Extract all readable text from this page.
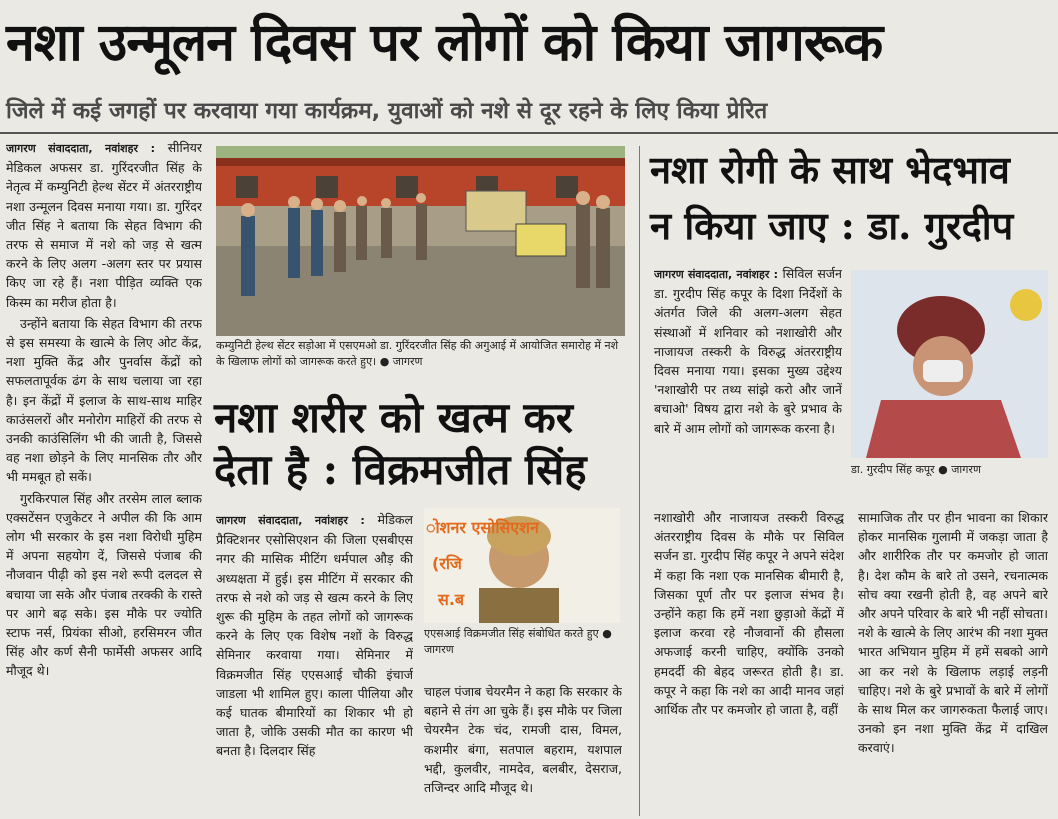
नशा उन्मूलन दिवस पर लोगों को किया जागरूक
जिले में कई जगहों पर करवाया गया कार्यक्रम, युवाओं को नशे से दूर रहने के लिए किया प्रेरित

जागरण संवाददाता, नवांशहर : सीनियर मेडिकल अफसर डा. गुरिंदरजीत सिंह के नेतृत्व में कम्युनिटी हेल्थ सेंटर में अंतरराष्ट्रीय नशा उन्मूलन दिवस मनाया गया। डा. गुरिंदर जीत सिंह ने बताया कि सेहत विभाग की तरफ से समाज में नशे को जड़ से खत्म करने के लिए अलग -अलग स्तर पर प्रयास किए जा रहे हैं। नशा पीड़ित व्यक्ति एक किस्म का मरीज होता है।

उन्होंने बताया कि सेहत विभाग की तरफ से इस समस्या के खात्मे के लिए ओट केंद्र, नशा मुक्ति केंद्र और पुनर्वास केंद्रों को सफलतापूर्वक ढंग के साथ चलाया जा रहा है। इन केंद्रों में इलाज के साथ-साथ माहिर काउंसलरों और मनोरोग माहिरों की तरफ से उनकी काउंसिलिंग भी की जाती है, जिससे वह नशा छोड़ने के लिए मानसिक तौर और भी ममबूत हो सकें।

गुरकिरपाल सिंह और तरसेम लाल ब्लाक एक्सटेंसन एजुकेटर ने अपील की कि आम लोग भी सरकार के इस नशा विरोधी मुहिम में अपना सहयोग दें, जिससे पंजाब की नौजवान पीढ़ी को इस नशे रूपी दलदल से बचाया जा सके और पंजाब तरक्की के रास्ते पर आगे बढ़ सके। इस मौके पर ज्योति स्टाफ नर्स, प्रियंका सीओ, हरसिमरन जीत सिंह और कर्ण सैनी फार्मेसी अफसर आदि मौजूद थे।

कम्युनिटी हेल्थ सेंटर सड़ोआ में एसएमओ डा. गुरिंदरजीत सिंह की अगुआई में आयोजित समारोह में नशे के खिलाफ लोगों को जागरूक करते हुए। ● जागरण
नशा शरीर को खत्म कर
देता है : विक्रमजीत सिंह
जागरण संवाददाता, नवांशहर : मेडिकल प्रैक्टिशनर एसोसिएशन की जिला एसबीएस नगर की मासिक मीटिंग धर्मपाल औड़ की अध्यक्षता में हुई। इस मीटिंग में सरकार की तरफ से नशे को जड़ से खत्म करने के लिए शुरू की मुहिम के तहत लोगों को जागरूक करने के लिए एक विशेष नशों के विरुद्ध सेमिनार करवाया गया। सेमिनार में विक्रमजीत सिंह एएसआई चौकी इंचार्ज जाडला भी शामिल हुए। काला पीलिया और कई घातक बीमारियों का शिकार भी हो जाता है, जोकि उसकी मौत का कारण भी बनता है। दिलदार सिंह
ोशनर एसोसिएशन
(रजि
स.ब
एएसआई विक्रमजीत सिंह संबोधित करते हुए ● जागरण
चाहल पंजाब चेयरमैन ने कहा कि सरकार के बहाने से तंग आ चुके हैं। इस मौके पर जिला चेयरमैन टेक चंद, रामजी दास, विमल, कशमीर बंगा, सतपाल बहराम, यशपाल भद्दी, कुलवीर, नामदेव, बलबीर, देसराज, तजिन्दर आदि मौजूद थे।
नशा रोगी के साथ भेदभाव
न किया जाए : डा. गुरदीप
जागरण संवाददाता, नवांशहर : सिविल सर्जन डा. गुरदीप सिंह कपूर के दिशा निर्देशों के अंतर्गत जिले की अलग-अलग सेहत संस्थाओं में शनिवार को नशाखोरी और नाजायज तस्करी के विरुद्ध अंतरराष्ट्रीय दिवस मनाया गया। इसका मुख्य उद्देश्य 'नशाखोरी पर तथ्य सांझे करो और जानें बचाओ' विषय द्वारा नशे के बुरे प्रभाव के बारे में आम लोगों को जागरूक करना है।
डा. गुरदीप सिंह कपूर ● जागरण
नशाखोरी और नाजायज तस्करी विरुद्ध अंतरराष्ट्रीय दिवस के मौके पर सिविल सर्जन डा. गुरदीप सिंह कपूर ने अपने संदेश में कहा कि नशा एक मानसिक बीमारी है, जिसका पूर्ण तौर पर इलाज संभव है। उन्होंने कहा कि हमें नशा छुड़ाओ केंद्रों में इलाज करवा रहे नौजवानों की हौसला अफजाई करनी चाहिए, क्योंकि उनको हमदर्दी की बेहद जरूरत होती है। डा. कपूर ने कहा कि नशे का आदी मानव जहां आर्थिक तौर पर कमजोर हो जाता है, वहीं
सामाजिक तौर पर हीन भावना का शिकार होकर मानसिक गुलामी में जकड़ा जाता है और शारीरिक तौर पर कमजोर हो जाता है। देश कौम के बारे तो उसने, रचनात्मक सोच क्या रखनी होती है, वह अपने बारे और अपने परिवार के बारे भी नहीं सोचता। नशे के खात्मे के लिए आरंभ की नशा मुक्त भारत अभियान मुहिम में हमें सबको आगे आ कर नशे के खिलाफ लड़ाई लड़नी चाहिए। नशे के बुरे प्रभावों के बारे में लोगों के साथ मिल कर जागरुकता फैलाई जाए। उनको इन नशा मुक्ति केंद्र में दाखिल करवाएं।
